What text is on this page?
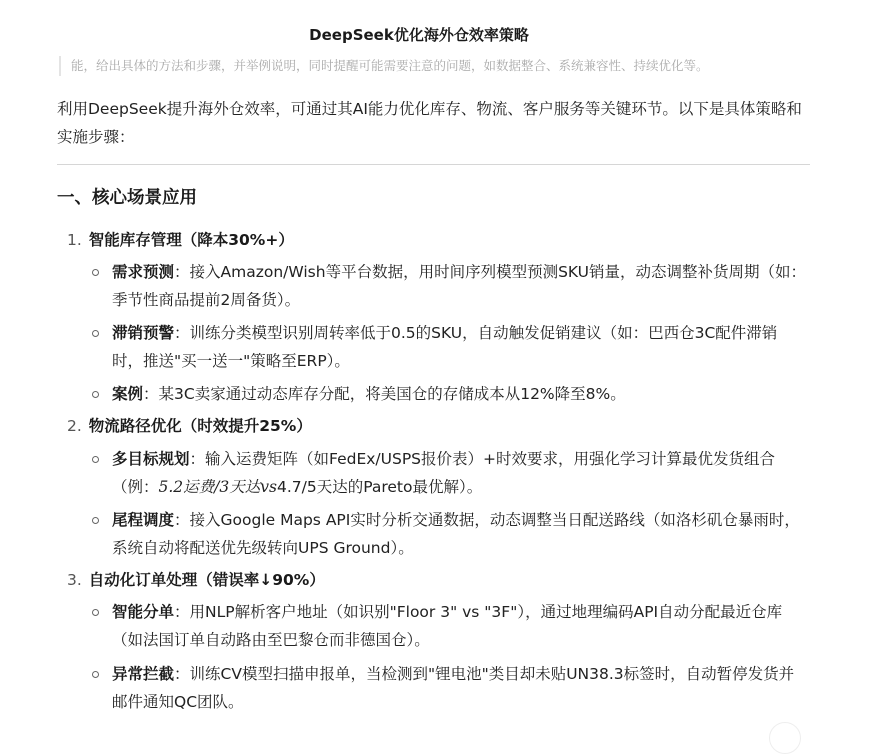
DeepSeek优化海外仓效率策略
能，给出具体的方法和步骤，并举例说明，同时提醒可能需要注意的问题，如数据整合、系统兼容性、持续优化等。
利用DeepSeek提升海外仓效率，可通过其AI能力优化库存、物流、客户服务等关键环节。以下是具体策略和实施步骤：
一、核心场景应用
1. 智能库存管理（降本30%+）
需求预测：接入Amazon/Wish等平台数据，用时间序列模型预测SKU销量，动态调整补货周期（如：季节性商品提前2周备货）。
滞销预警：训练分类模型识别周转率低于0.5的SKU，自动触发促销建议（如：巴西仓3C配件滞销时，推送"买一送一"策略至ERP）。
案例：某3C卖家通过动态库存分配，将美国仓的存储成本从12%降至8%。
2. 物流路径优化（时效提升25%）
多目标规划：输入运费矩阵（如FedEx/USPS报价表）+时效要求，用强化学习计算最优发货组合（例：5.2运费/3天达vs4.7/5天达的Pareto最优解）。
尾程调度：接入Google Maps API实时分析交通数据，动态调整当日配送路线（如洛杉矶仓暴雨时，系统自动将配送优先级转向UPS Ground）。
3. 自动化订单处理（错误率↓90%）
智能分单：用NLP解析客户地址（如识别"Floor 3" vs "3F"），通过地理编码API自动分配最近仓库（如法国订单自动路由至巴黎仓而非德国仓）。
异常拦截：训练CV模型扫描申报单，当检测到"锂电池"类目却未贴UN38.3标签时，自动暂停发货并邮件通知QC团队。
